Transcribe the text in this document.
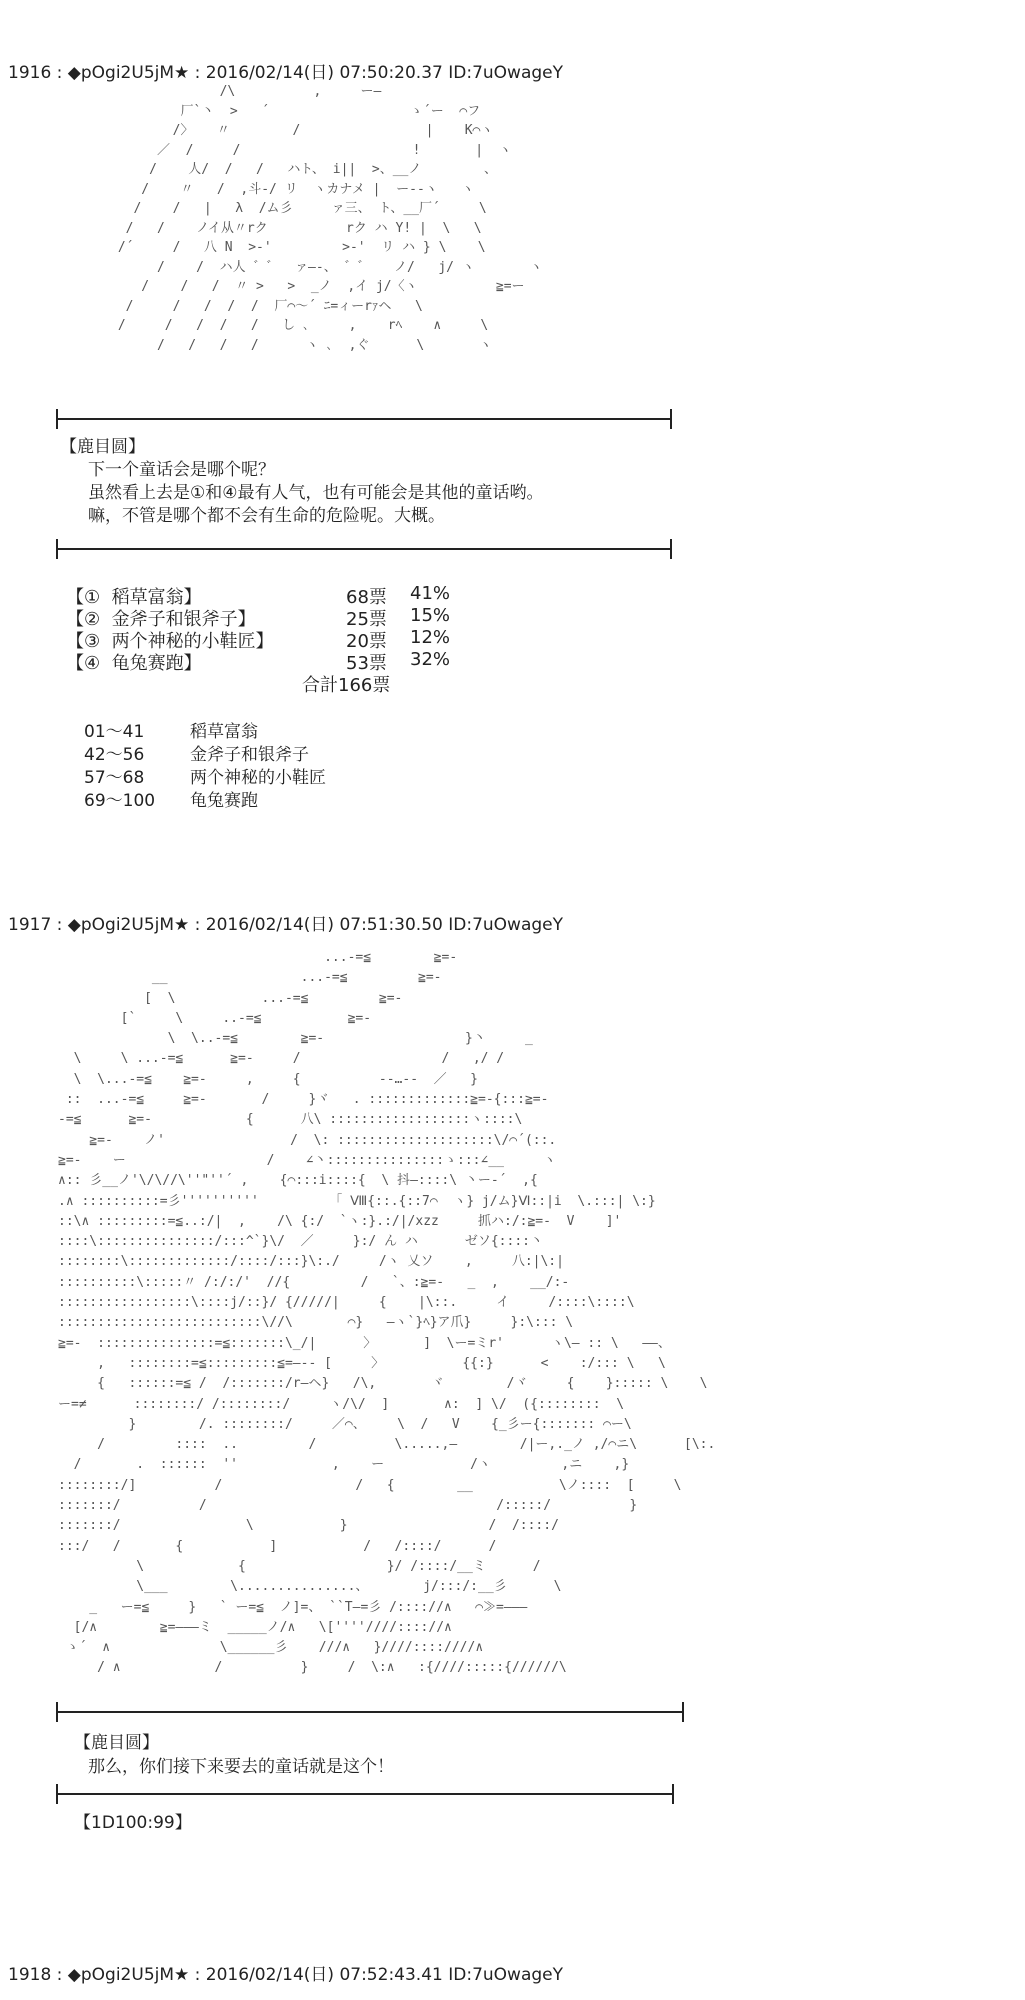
1916 : ◆pOgi2U5jM★ : 2016/02/14(日) 07:50:20.37 ID:7uOwageY
/\          ,     ー―
厂`丶  >   ´                  ゝ´ー  ⌒フ
/〉   〃        /                |    K⌒ヽ
／  /     /                      !       |  ヽ
/    人/  /   /   ハト、 i||  >、__ノ        、
/    〃   /  ,斗-/ リ  ヽカナメ |  ー--ヽ   ヽ
/    /   |   λ  /ム彡     ァ三、 ト、__厂´     \
/   /    ノイ从〃rク          rク ハ Y! |  \   \
/´     /   八 N  >-'         >-'  リ ハ } \    \
/    /  ハ人 ゛゛  ァ―‐、 ゛゛   ノ/   j/ ヽ       ヽ
/    /   /  〃 >   >  _ノ  ,イ j/〈ヽ          ≧=ー
/     /   /  /  /  厂⌒〜´ ﾆ=ィーrｧヘ   \
/     /   /  /   /   し ､     ,    rﾍ    ∧     \
/   /   /   /      ヽ ､  ,ぐ      \       ヽ
【鹿目圆】
下一个童话会是哪个呢？
虽然看上去是①和④最有人气，也有可能会是其他的童话哟。
嘛，不管是哪个都不会有生命的危险呢。大概。
【①  稻草富翁】	68票 41%
【②  金斧子和银斧子】	25票 15%
【③  两个神秘的小鞋匠】	20票 12%
【④  龟兔赛跑】	53票 32%
合計166票
01～41	稻草富翁
42～56	金斧子和银斧子
57～68	两个神秘的小鞋匠
69～100 龟兔赛跑
1917 : ◆pOgi2U5jM★ : 2016/02/14(日) 07:51:30.50 ID:7uOwageY
...-=≦        ≧=-
__                 ...-=≦         ≧=-
[  \           ...-=≦         ≧=-
[`     \     ..-=≦           ≧=-
\  \..-=≦        ≧=-                  }丶     _
\     \ ...-=≦      ≧=-     /                  /   ,/ /
\  \...-=≦    ≧=-     ,     {          --…--  ／   }
::  ...-=≦     ≧=-       /     }ヾ   . :::::::::::::≧=-{:::≧=-
-=≦      ≧=-            {      八\ ::::::::::::::::::ヽ::::\
≧=-    ノ'                /  \: ::::::::::::::::::::\/⌒´(::.
≧=-    ー                  /    ∠丶:::::::::::::::ゝ:::∠__     ヽ
∧:: 彡__ノ'\/\//\''"''´ ,    {⌒:::i::::{  \ 抖―::::\ 丶ー-´  ,{
.∧ ::::::::::=彡''''''''''         「 Ⅷ{::.{::7⌒  ヽ} j/ム}Ⅵ::|i  \.:::| \:}
::\∧ :::::::::=≦..:/|  ,    /\ {:/  `ヽ:}.:/|/xzz     抓ハ:/:≧=-  V    ]'
::::\:::::::::::::::/:::^`}\/  ／     }:/ ん ハ      ゼソ{::::丶
::::::::\:::::::::::::/::::/:::}\:./     /ヽ 乂ソ    ,     八:|\:|
::::::::::\:::::〃 /:/:/'  //{         /   `、:≧=-   _  ,    __/:-
:::::::::::::::::\::::j/::}/ {/////|     {    |\::.     イ     /::::\::::\
::::::::::::::::::::::::::\//\       ⌒}   ―ヽ`}ﾍ}ア爪}     }:\::: \
≧=-  :::::::::::::::=≦:::::::\_/|      〉      ]  \ー=ミr'      ヽ\― :: \   ――、
,   ::::::::=≦:::::::::≦=―-- [     〉          {{:}      <    :/::: \   \
{   ::::::=≦ /  /:::::::/r―ヘ}   /\,       ヾ        /ヾ     {    }::::: \    \
ー=≠      ::::::::/ /::::::::/     ヽ/\/  ]       ∧:  ] \/  ({::::::::  \
}        /. ::::::::/     ／⌒、    \  /   V    {_彡ー{::::::: ⌒ー\
/         ::::  ..         /          \.....,―        /|ー,._ノ ,/⌒ニ\      [\:.
/       .  ::::::  ''            ,    ー           /ヽ         ,ニ    ,}
::::::::/]          /                 /   {        __           \ノ::::  [     \
:::::::/          /                                     /:::::/          }
:::::::/                \           }                  /  /::::/
:::/   /       {           ]           /   /::::/      /
\            {                  }/ /::::/__ミ      /
\___        \...............、       j/:::/:__彡      \
_   ー=≦     }   ` ー=≦  ノ]=、 ``T―=彡 /:::://∧   ⌒≫=―――
[/∧        ≧=―――ミ  _____ノ/∧   \[''''////:::://∧
ゝ´  ∧              \______彡    ///∧   }////::::////∧
/ ∧            /          }     /  \:∧   :{////:::::{//////\
【鹿目圆】
那么，你们接下来要去的童话就是这个！
【1D100:99】
1918 : ◆pOgi2U5jM★ : 2016/02/14(日) 07:52:43.41 ID:7uOwageY
